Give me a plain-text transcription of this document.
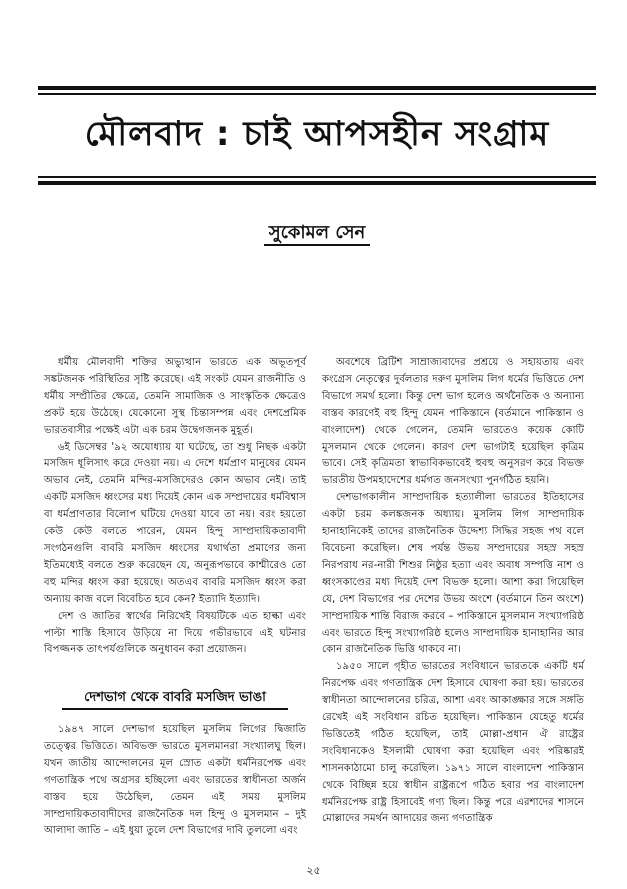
মৌলবাদ : চাই আপসহীন সংগ্রাম
সুকোমল সেন

ধর্মীয় মৌলবাদী শক্তির অভ্যুত্থান ভারতে এক অভূতপূর্ব সঙ্কটজনক পরিস্থিতির সৃষ্টি করেছে। এই সংকট যেমন রাজনীতি ও ধর্মীয় সম্প্রীতির ক্ষেত্রে, তেমনি সামাজিক ও সাংস্কৃতিক ক্ষেত্রেও প্রকট হয়ে উঠেছে। যেকোনো সুস্থ চিন্তাসম্পন্ন এবং দেশপ্রেমিক ভারতবাসীর পক্ষেই এটা এক চরম উদ্বেগজনক মুহূর্ত।

৬ই ডিসেম্বর '৯২ অযোধ্যায় যা ঘটেছে, তা শুধু নিছক একটা মসজিদ ধূলিসাৎ করে দেওয়া নয়। এ দেশে ধর্মপ্রাণ মানুষের যেমন অভাব নেই, তেমনি মন্দির-মসজিদেরও কোন অভাব নেই। তাই একটি মসজিদ ধ্বংসের মধ্য দিয়েই কোন এক সম্প্রদায়ের ধর্মবিশ্বাস বা ধর্মপ্রাণতার বিলোপ ঘটিয়ে দেওয়া যাবে তা নয়। বরং হয়তো কেউ কেউ বলতে পারেন, যেমন হিন্দু সাম্প্রদায়িকতাবাদী সংগঠনগুলি বাবরি মসজিদ ধ্বংসের যথার্থতা প্রমাণের জন্য ইতিমধ্যেই বলতে শুরু করেছেন যে, অনুরূপভাবে কাশ্মীরেও তো বহু মন্দির ধ্বংস করা হয়েছে। অতএব বাবরি মসজিদ ধ্বংস করা অন্যায় কাজ বলে বিবেচিত হবে কেন? ইত্যাদি ইত্যাদি।

দেশ ও জাতির স্বার্থের নিরিখেই বিষয়টিকে এত হাল্কা এবং পাল্টা শাস্তি হিসাবে উড়িয়ে না দিয়ে গভীরভাবে এই ঘটনার বিপজ্জনক তাৎপর্যগুলিকে অনুধাবন করা প্রয়োজন।

দেশভাগ থেকে বাবরি মসজিদ ভাঙা

১৯৪৭ সালে দেশভাগ হয়েছিল মুসলিম লিগের দ্বিজাতি তত্ত্বের ভিত্তিতে। অবিভক্ত ভারতে মুসলমানরা সংখ্যালঘু ছিল। যখন জাতীয় আন্দোলনের মূল স্রোত একটা ধর্মনিরপেক্ষ এবং গণতান্ত্রিক পথে অগ্রসর হচ্ছিলো এবং ভারতের স্বাধীনতা অর্জন বাস্তব হয়ে উঠেছিল, তেমন এই সময় মুসলিম সাম্প্রদায়িকতাবাদীদের রাজনৈতিক দল হিন্দু ও মুসলমান – দুই আলাদা জাতি – এই ধুয়া তুলে দেশ বিভাগের দাবি তুললো এবং

অবশেষে ব্রিটিশ সাম্রাজ্যবাদের প্রশ্রয়ে ও সহায়তায় এবং কংগ্রেস নেতৃত্বের দুর্বলতার দরুণ মুসলিম লিগ ধর্মের ভিত্তিতে দেশ বিভাগে সমর্থ হলো। কিন্তু দেশ ভাগ হলেও অর্থনৈতিক ও অন্যান্য বাস্তব কারণেই বহু হিন্দু যেমন পাকিস্তানে (বর্তমানে পাকিস্তান ও বাংলাদেশ) থেকে গেলেন, তেমনি ভারতেও কয়েক কোটি মুসলমান থেকে গেলেন। কারণ দেশ ভাগটাই হয়েছিল কৃত্রিম ভাবে। সেই কৃত্রিমতা স্বাভাবিকভাবেই হুবহু অনুসরণ করে বিভক্ত ভারতীয় উপমহাদেশের ধর্মগত জনসংখ্যা পুনর্গঠিত হয়নি।

দেশভাগকালীন সাম্প্রদায়িক হত্যালীলা ভারতের ইতিহাসের একটা চরম কলঙ্কজনক অধ্যায়। মুসলিম লিগ সাম্প্রদায়িক হানাহানিকেই তাদের রাজনৈতিক উদ্দেশ্য সিদ্ধির সহজ পথ বলে বিবেচনা করেছিল। শেষ পর্যন্ত উভয় সম্প্রদায়ের সহস্র সহস্র নিরপরাধ নর-নারী শিশুর নিষ্ঠুর হত্যা এবং অবাধ সম্পত্তি নাশ ও ধ্বংসকাণ্ডের মধ্য দিয়েই দেশ বিভক্ত হলো। আশা করা গিয়েছিল যে, দেশ বিভাগের পর দেশের উভয় অংশে (বর্তমানে তিন অংশে) সাম্প্রদায়িক শান্তি বিরাজ করবে – পাকিস্তানে মুসলমান সংখ্যাগরিষ্ঠ এবং ভারতে হিন্দু সংখ্যাগরিষ্ঠ হলেও সাম্প্রদায়িক হানাহানির আর কোন রাজনৈতিক ভিত্তি থাকবে না।

১৯৫০ সালে গৃহীত ভারতের সংবিধানে ভারতকে একটি ধর্ম নিরপেক্ষ এবং গণতান্ত্রিক দেশ হিসাবে ঘোষণা করা হয়। ভারতের স্বাধীনতা আন্দোলনের চরিত্র, আশা এবং আকাঙ্ক্ষার সঙ্গে সঙ্গতি রেখেই এই সংবিধান রচিত হয়েছিল। পাকিস্তান যেহেতু ধর্মের ভিত্তিতেই গঠিত হয়েছিল, তাই মোল্লা-প্রধান ঐ রাষ্ট্রের সংবিধানকেও ইসলামী ঘোষণা করা হয়েছিল এবং পরিষ্কারই শাসনকাঠামো চালু করেছিল। ১৯৭১ সালে বাংলাদেশ পাকিস্তান থেকে বিচ্ছিন্ন হয়ে স্বাধীন রাষ্ট্ররূপে গঠিত হবার পর বাংলাদেশ ধর্মনিরপেক্ষ রাষ্ট্র হিসাবেই গণ্য ছিল। কিন্তু পরে এরশাদের শাসনে মোল্লাদের সমর্থন আদায়ের জন্য গণতান্ত্রিক

২৫
